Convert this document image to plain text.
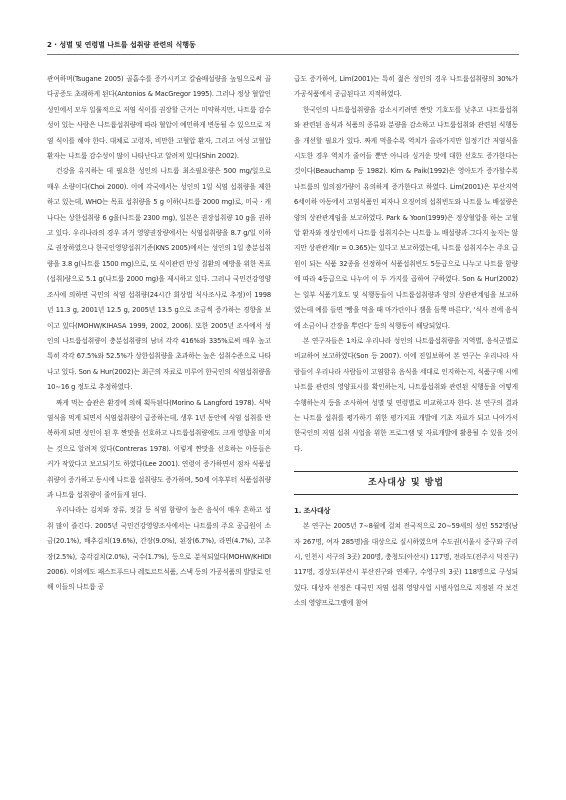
2 · 성별 및 연령별 나트륨 섭취량 관련의 식행동

관여하며(Tsugane 2005) 골흡수를 증가시키고 칼슘배설량을 높임으로써 골다공증도 초래하게 된다(Antonios & MacGregor 1995). 그러나 정상 혈압인 성인에서 모두 일률적으로 저염 식이를 권장할 근거는 미약하지만, 나트륨 감수성이 있는 사람은 나트륨섭취량에 따라 혈압이 예민하게 변동될 수 있으므로 저염 식이를 해야 한다. 대체로 고령자, 비만한 고혈압 환자, 그리고 여성 고혈압 환자는 나트륨 감수성이 많이 나타난다고 알려져 있다(Shin 2002).

건강을 유지하는 데 필요한 성인의 나트륨 최소필요량은 500 mg/일으로 매우 소량이다(Choi 2000). 이에 각국에서는 성인의 1일 식염 섭취량을 제한하고 있는데, WHO는 목표 섭취량을 5 g 이하(나트륨 2000 mg)로, 미국 · 캐나다는 상한섭취량 6 g을(나트륨 2300 mg), 일본은 권장섭취량 10 g을 권하고 있다. 우리나라의 경우 과거 영양권장량에서는 식염섭취량을 8.7 g/일 이하로 권장하였으나 한국인영양섭취기준(KNS 2005)에서는 성인의 1일 충분섭취량을 3.8 g(나트륨 1500 mg)으로, 또 식이관련 만성 질환의 예방을 위한 목표(섭취)량으로 5.1 g(나트륨 2000 mg)을 제시하고 있다. 그러나 국민건강영양조사에 의하면 국민의 식염 섭취량(24시간 회상법 식사조사로 추정)이 1998년 11.3 g, 2001년 12.5 g, 2005년 13.5 g으로 조금씩 증가하는 경향을 보이고 있다(MOHW/KIHASA 1999, 2002, 2006). 또한 2005년 조사에서 성인의 나트륨섭취량이 충분섭취량의 남녀 각각 416%와 335%로써 매우 높고 특히 각각 67.5%와 52.5%가 상한섭취량을 초과하는 높은 섭취수준으로 나타나고 있다. Son & Hur(2002)는 최근의 자료로 미루어 한국인의 식염섭취량을 10∼16 g 정도로 추정하였다.

짜게 먹는 습관은 환경에 의해 획득된다(Morino & Langford 1978). 식탁염식을 먹게 되면서 식염섭취량이 급증하는데, 생후 1년 동안에 식염 섭취를 반복하게 되면 성인이 된 후 짠맛을 선호하고 나트륨섭취량에도 크게 영향을 미치는 것으로 알려져 있다(Contreras 1978). 이렇게 짠맛을 선호하는 아동들은 커가 작았다고 보고되기도 하였다(Lee 2001). 연령이 증가하면서 점차 식품섭취량이 증가하고 동시에 나트륨 섭취량도 증가하며, 50세 이후부터 식품섭취량과 나트륨 섭취량이 줄어들게 된다.

우리나라는 김치와 장류, 젓갈 등 식염 함량이 높은 음식이 매우 흔하고 섭취 많이 즐긴다. 2005년 국민건강영양조사에서는 나트륨의 주요 공급원이 소금(20.1%), 배추김치(19.6%), 간장(9.0%), 된장(6.7%), 라면(4.7%), 고추장(2.5%), 총각김치(2.0%), 국수(1.7%), 등으로 분석되었다(MOHW/KHIDI 2006). 이외에도 패스트푸드나 레토르트식품, 스낵 등의 가공식품의 발달로 인해 이들의 나트륨 공

급도 증가하여, Lim(2001)는 특히 젊은 성인의 경우 나트륨섭취량의 30%가 가공식품에서 공급된다고 지적하였다.

한국인의 나트륨섭취량을 감소시키려면 짠맛 기호도를 낮추고 나트륨섭취와 관련된 음식과 식품의 종류와 분량을 감소하고 나트륨섭취와 관련된 식행동을 개선할 필요가 있다. 짜게 먹을수록 역치가 올라가지만 일정기간 저염식을 시도한 경우 역치가 줄어들 뿐만 아니라 싱거운 맛에 대한 선호도 증가한다는 것이다(Beauchamp 등 1982). Kim & Paik(1992)은 영아도가 증가할수록 나트륨의 일의점가량이 유의하게 증가한다고 하였다. Lim(2001)은 부산지역 6세이하 아동에서 고염식품인 피자나 오징어의 섭취빈도와 나트륨 뇨 배설량은 양의 상관관계임을 보고하였다. Park & Yoon(1999)은 정상혈압을 하는 고혈압 환자와 정상인에서 나트륨 섭취지수는 나트륨 뇨 배설량과 그다지 높지는 않지만 상관관계(r = 0.365)는 있다고 보고하였는데, 나트륨 섭취지수는 주요 급원이 되는 식품 32종을 선정하여 식품섭취빈도 5등급으로 나누고 나트륨 함량에 따라 4등급으로 나누어 이 두 가지를 곱하여 구하였다. Son & Hur(2002)는 일부 식품기호도 및 식행동들이 나트륨섭취량과 양의 상관관계임을 보고하였는데 예를 들면 '빵을 먹을 때 마가린이나 잼을 듬뿍 바른다', '식사 전에 음식에 소금이나 간장을 뿌린다' 등의 식행동이 해당되었다.

본 연구자들은 1차로 우리나라 성인의 나트륨섭취량을 지역별, 음식군별로 비교하여 보고하였다(Son 등 2007). 이에 진일보하여 본 연구는 우리나라 사람들이 우리나라 사람들이 고염함유 음식을 세대로 인지하는지, 식품구매 시에 나트륨 관련의 영양표시를 확인하는지, 나트륨섭취와 관련된 식행동을 어떻게 수행하는지 등을 조사하여 성별 및 연령별로 비교하고자 한다. 본 연구의 결과는 나트륨 섭취를 평가하기 위한 평가지표 개발에 기초 자료가 되고 나아가서 한국인의 저염 섭취 사업을 위한 프로그램 및 자료개발에 활용될 수 있을 것이다.

조사대상 및 방법
1. 조사대상

본 연구는 2005년 7∼8월에 걸쳐 전국적으로 20∼59세의 성인 552명(남자 267명, 여자 285명)을 대상으로 실시하였으며 수도권(서울시 중구와 구리시, 인천시 서구의 3곳) 200명, 충청도(아산시) 117명, 전라도(전주시 덕진구) 117명, 경상도(부산시 부산진구와 연제구, 수영구의 3곳) 118명으로 구성되었다. 대상자 선정은 대국민 저염 섭취 영양사업 시범사업으로 지정된 각 보건소의 영양프로그램에 참여
